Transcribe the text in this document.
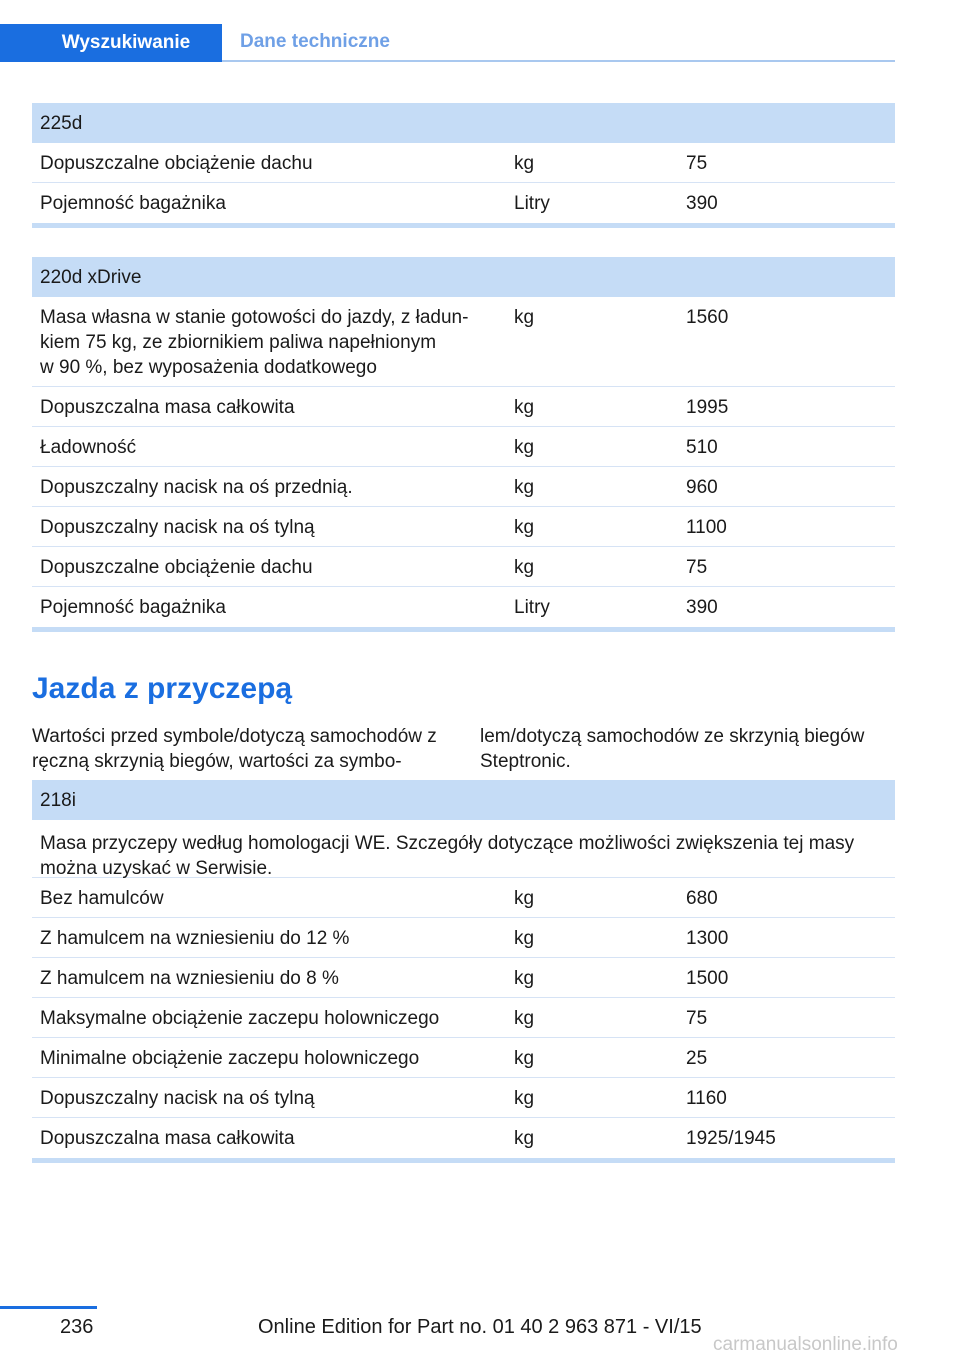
Wyszukiwanie	Dane techniczne
225d
Dopuszczalne obciążenie dachu	kg	75
Pojemność bagażnika	Litry	390
220d xDrive
Masa własna w stanie gotowości do jazdy, z ładun-
kiem 75 kg, ze zbiornikiem paliwa napełnionym
w 90 %, bez wyposażenia dodatkowego
kg	1560
Dopuszczalna masa całkowita	kg	1995
Ładowność	kg	510
Dopuszczalny nacisk na oś przednią.	kg	960
Dopuszczalny nacisk na oś tylną	kg	1100
Dopuszczalne obciążenie dachu	kg	75
Pojemność bagażnika	Litry	390
Jazda z przyczepą
Wartości przed symbole/dotyczą samochodów z ręczną skrzynią biegów, wartości za symbo-
lem/dotyczą samochodów ze skrzynią biegów Steptronic.
218i
Masa przyczepy według homologacji WE. Szczegóły dotyczące możliwości zwiększenia tej masy można uzyskać w Serwisie.
Bez hamulców	kg	680
Z hamulcem na wzniesieniu do 12 %	kg	1300
Z hamulcem na wzniesieniu do 8 %	kg	1500
Maksymalne obciążenie zaczepu holowniczego	kg	75
Minimalne obciążenie zaczepu holowniczego	kg	25
Dopuszczalny nacisk na oś tylną	kg	1160
Dopuszczalna masa całkowita	kg	1925/1945
236	Online Edition for Part no. 01 40 2 963 871 - VI/15
carmanualsonline.info
